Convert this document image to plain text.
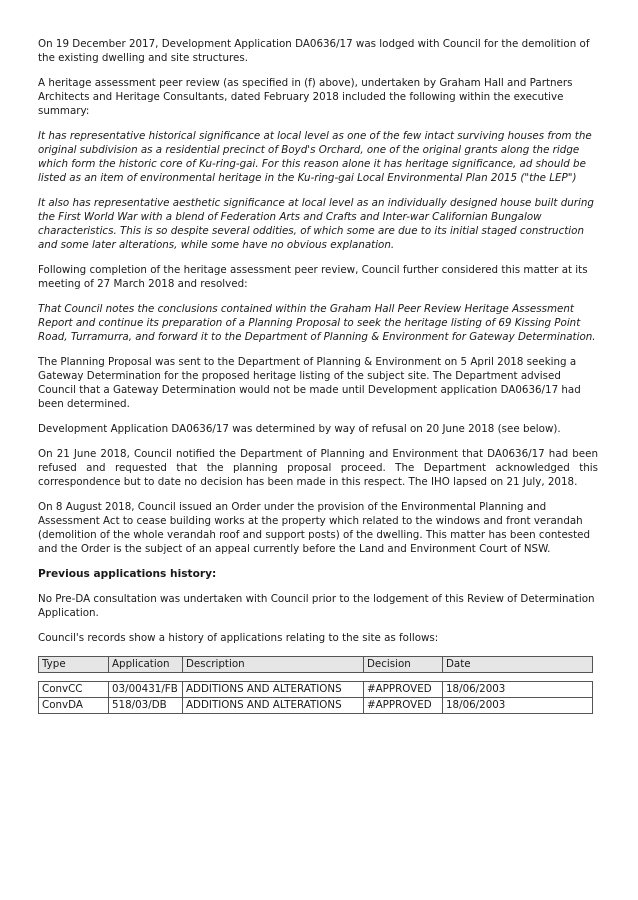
On 19 December 2017, Development Application DA0636/17 was lodged with Council for the demolition of the existing dwelling and site structures.

A heritage assessment peer review (as specified in (f) above), undertaken by Graham Hall and Partners Architects and Heritage Consultants, dated February 2018 included the following within the executive summary:

It has representative historical significance at local level as one of the few intact surviving houses from the original subdivision as a residential precinct of Boyd's Orchard, one of the original grants along the ridge which form the historic core of Ku-ring-gai. For this reason alone it has heritage significance, ad should be listed as an item of environmental heritage in the Ku-ring-gai Local Environmental Plan 2015 ("the LEP")

It also has representative aesthetic significance at local level as an individually designed house built during the First World War with a blend of Federation Arts and Crafts and Inter-war Californian Bungalow characteristics. This is so despite several oddities, of which some are due to its initial staged construction and some later alterations, while some have no obvious explanation.

Following completion of the heritage assessment peer review, Council further considered this matter at its meeting of 27 March 2018 and resolved:

That Council notes the conclusions contained within the Graham Hall Peer Review Heritage Assessment Report and continue its preparation of a Planning Proposal to seek the heritage listing of 69 Kissing Point Road, Turramurra, and forward it to the Department of Planning & Environment for Gateway Determination.

The Planning Proposal was sent to the Department of Planning & Environment on 5 April 2018 seeking a Gateway Determination for the proposed heritage listing of the subject site. The Department advised Council that a Gateway Determination would not be made until Development application DA0636/17 had been determined.

Development Application DA0636/17 was determined by way of refusal on 20 June 2018 (see below).

On 21 June 2018, Council notified the Department of Planning and Environment that DA0636/17 had been refused and requested that the planning proposal proceed. The Department acknowledged this correspondence but to date no decision has been made in this respect. The IHO lapsed on 21 July, 2018.

On 8 August 2018, Council issued an Order under the provision of the Environmental Planning and Assessment Act to cease building works at the property which related to the windows and front verandah (demolition of the whole verandah roof and support posts) of the dwelling. This matter has been contested and the Order is the subject of an appeal currently before the Land and Environment Court of NSW.

Previous applications history:

No Pre-DA consultation was undertaken with Council prior to the lodgement of this Review of Determination Application.

Council's records show a history of applications relating to the site as follows:

Type	Application	Description	Decision	Date

ConvCC	03/00431/FB	ADDITIONS AND ALTERATIONS	#APPROVED	18/06/2003
ConvDA	518/03/DB	ADDITIONS AND ALTERATIONS	#APPROVED	18/06/2003
